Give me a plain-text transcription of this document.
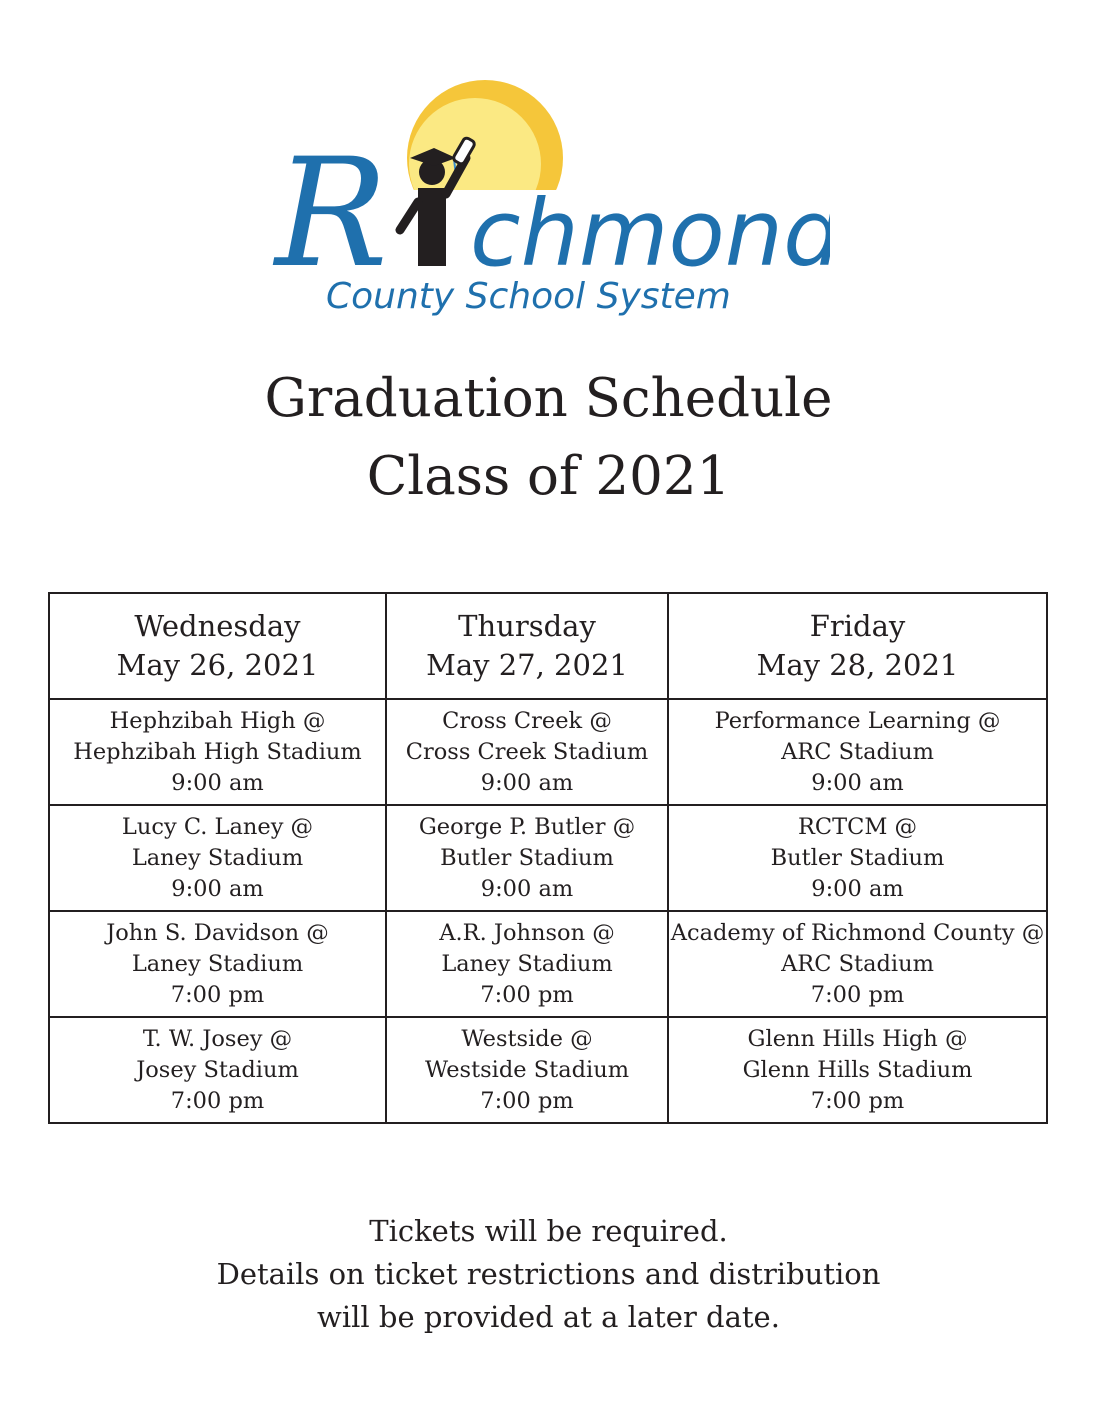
R chmond
County School System
Graduation Schedule
Class of 2021
Wednesday
May 26, 2021	Thursday
May 27, 2021	Friday
May 28, 2021

Hephzibah High @
Hephzibah High Stadium
9:00 am	Cross Creek @
Cross Creek Stadium
9:00 am	Performance Learning @
ARC Stadium
9:00 am

Lucy C. Laney @
Laney Stadium
9:00 am	George P. Butler @
Butler Stadium
9:00 am	RCTCM @
Butler Stadium
9:00 am

John S. Davidson @
Laney Stadium
7:00 pm	A.R. Johnson @
Laney Stadium
7:00 pm	Academy of Richmond County @
ARC Stadium
7:00 pm

T. W. Josey @
Josey Stadium
7:00 pm	Westside @
Westside Stadium
7:00 pm	Glenn Hills High @
Glenn Hills Stadium
7:00 pm
Tickets will be required.
Details on ticket restrictions and distribution
will be provided at a later date.
